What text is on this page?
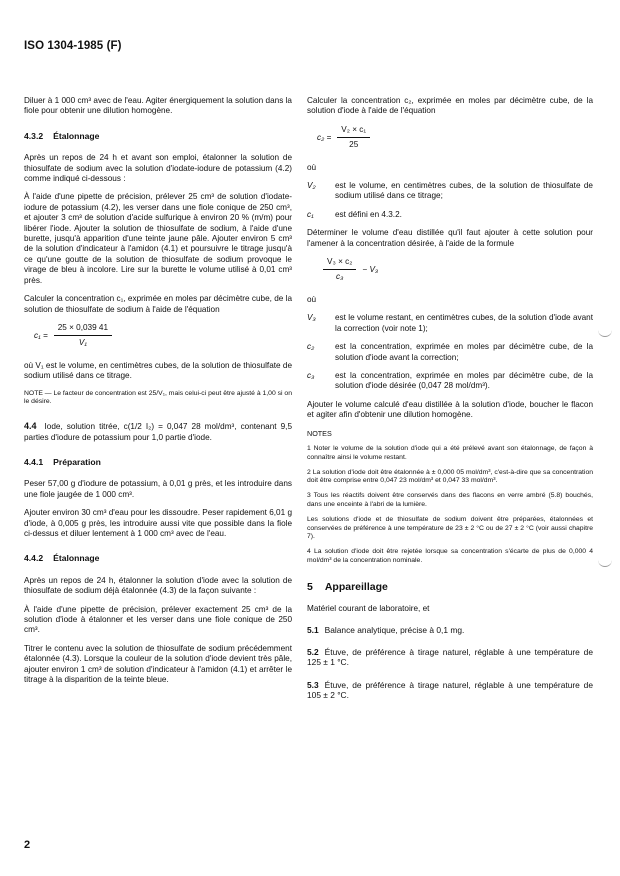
ISO 1304-1985 (F)

Diluer à 1 000 cm³ avec de l'eau. Agiter énergiquement la solution dans la fiole pour obtenir une dilution homogène.

4.3.2 Étalonnage

Après un repos de 24 h et avant son emploi, étalonner la solution de thiosulfate de sodium avec la solution d'iodate-iodure de potassium (4.2) comme indiqué ci-dessous :

À l'aide d'une pipette de précision, prélever 25 cm³ de solution d'iodate-iodure de potassium (4.2), les verser dans une fiole conique de 250 cm³, et ajouter 3 cm³ de solution d'acide sulfurique à environ 20 % (m/m) pour libérer l'iode. Ajouter la solution de thiosulfate de sodium, à l'aide d'une burette, jusqu'à apparition d'une teinte jaune pâle. Ajouter environ 5 cm³ de la solution d'indicateur à l'amidon (4.1) et poursuivre le titrage jusqu'à ce qu'une goutte de la solution de thiosulfate de sodium provoque le virage de bleu à incolore. Lire sur la burette le volume utilisé à 0,01 cm³ près.

Calculer la concentration c₁, exprimée en moles par décimètre cube, de la solution de thiosulfate de sodium à l'aide de l'équation

$c_1 = \frac{25 \times 0,039 41}{\text{V₁}}$

où V₁ est le volume, en centimètres cubes, de la solution de thiosulfate de sodium utilisé dans ce titrage.

NOTE — Le facteur de concentration est 25/V₁, mais celui-ci peut être ajusté à 1,00 si on le désire.

4.4 Iode, solution titrée, c(1/2 I₂) = 0,047 28 mol/dm³, contenant 9,5 parties d'iodure de potassium pour 1,0 partie d'iode.

4.4.1 Préparation

Peser 57,00 g d'iodure de potassium, à 0,01 g près, et les introduire dans une fiole jaugée de 1 000 cm³.

Ajouter environ 30 cm³ d'eau pour les dissoudre. Peser rapidement 6,01 g d'iode, à 0,005 g près, les introduire aussi vite que possible dans la fiole ci-dessus et diluer lentement à 1 000 cm³ avec de l'eau.

4.4.2 Étalonnage

Après un repos de 24 h, étalonner la solution d'iode avec la solution de thiosulfate de sodium déjà étalonnée (4.3) de la façon suivante :

À l'aide d'une pipette de précision, prélever exactement 25 cm³ de la solution d'iode à étalonner et les verser dans une fiole conique de 250 cm³.

Titrer le contenu avec la solution de thiosulfate de sodium précédemment étalonnée (4.3). Lorsque la couleur de la solution d'iode devient très pâle, ajouter environ 1 cm³ de solution d'indicateur à l'amidon (4.1) et arrêter le titrage à la disparition de la teinte bleue.

Calculer la concentration c₂, exprimée en moles par décimètre cube, de la solution d'iode à l'aide de l'équation

$c_2 = \frac{\text{V₂ × c₁}}{25}$

où

V₂	est le volume, en centimètres cubes, de la solution de thiosulfate de sodium utilisé dans ce titrage;
c₁	est défini en 4.3.2.

Déterminer le volume d'eau distillée qu'il faut ajouter à cette solution pour l'amener à la concentration désirée, à l'aide de la formule

$\frac{\text{V₃ × c₂}}{\text{c₃}} - V_3$

où

V₃	est le volume restant, en centimètres cubes, de la solution d'iode avant la correction (voir note 1);
c₂	est la concentration, exprimée en moles par décimètre cube, de la solution d'iode avant la correction;
c₃	est la concentration, exprimée en moles par décimètre cube, de la solution d'iode désirée (0,047 28 mol/dm³).

Ajouter le volume calculé d'eau distillée à la solution d'iode, boucher le flacon et agiter afin d'obtenir une dilution homogène.

NOTES

1 Noter le volume de la solution d'iode qui a été prélevé avant son étalonnage, de façon à connaître ainsi le volume restant.

2 La solution d'iode doit être étalonnée à ± 0,000 05 mol/dm³, c'est-à-dire que sa concentration doit être comprise entre 0,047 23 mol/dm³ et 0,047 33 mol/dm³.

3 Tous les réactifs doivent être conservés dans des flacons en verre ambré (5.8) bouchés, dans une enceinte à l'abri de la lumière.

Les solutions d'iode et de thiosulfate de sodium doivent être préparées, étalonnées et conservées de préférence à une température de 23 ± 2 °C ou de 27 ± 2 °C (voir aussi chapitre 7).

4 La solution d'iode doit être rejetée lorsque sa concentration s'écarte de plus de 0,000 4 mol/dm³ de la concentration nominale.

5 Appareillage

Matériel courant de laboratoire, et

5.1 Balance analytique, précise à 0,1 mg.

5.2 Étuve, de préférence à tirage naturel, réglable à une température de 125 ± 1 °C.

5.3 Étuve, de préférence à tirage naturel, réglable à une température de 105 ± 2 °C.

2
